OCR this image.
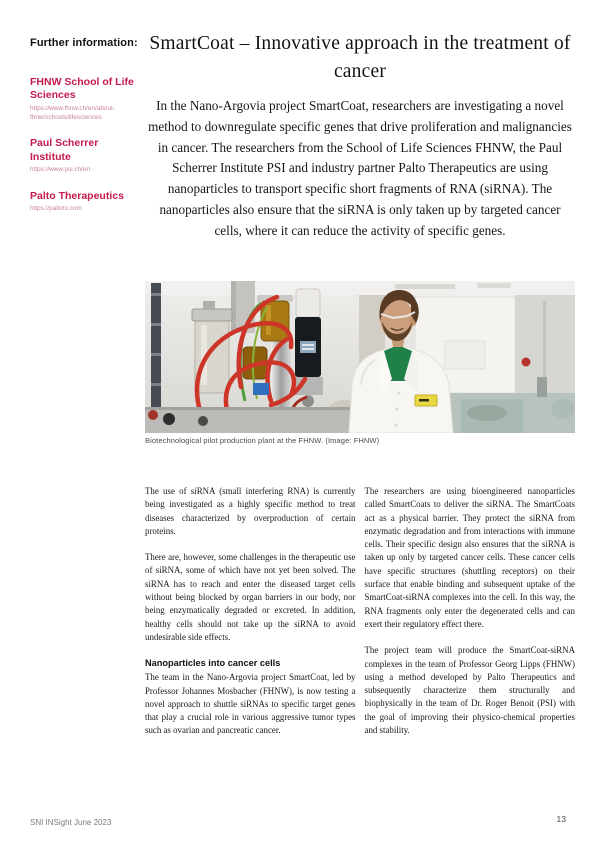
Further information:
FHNW School of Life Sciences
https://www.fhnw.ch/en/about-fhnw/schools/lifesciences
Paul Scherrer Institute
https://www.psi.ch/en
Palto Therapeutics
https://paltotx.com
SmartCoat – Innovative approach in the treatment of cancer

In the Nano-Argovia project SmartCoat, researchers are investigating a novel method to downregulate specific genes that drive proliferation and malignancies in cancer. The researchers from the School of Life Sciences FHNW, the Paul Scherrer Institute PSI and industry partner Palto Therapeutics are using nanoparticles to transport specific short fragments of RNA (siRNA). The nanoparticles also ensure that the siRNA is only taken up by targeted cancer cells, where it can reduce the activity of specific genes.

Biotechnological pilot production plant at the FHNW. (Image: FHNW)

The use of siRNA (small interfering RNA) is currently being investigated as a highly specific method to treat diseases characterized by overproduction of certain proteins.

There are, however, some challenges in the therapeutic use of siRNA, some of which have not yet been solved. The siRNA has to reach and enter the diseased target cells without being blocked by organ barriers in our body, nor being enzymatically degraded or excreted. In addition, healthy cells should not take up the siRNA to avoid undesirable side effects.

Nanoparticles into cancer cells

The team in the Nano-Argovia project SmartCoat, led by Professor Johannes Mosbacher (FHNW), is now testing a novel approach to shuttle siRNAs to specific target genes that play a crucial role in various aggressive tumor types such as ovarian and pancreatic cancer.

The researchers are using bioengineered nanoparticles called SmartCoats to deliver the siRNA. The SmartCoats act as a physical barrier. They protect the siRNA from enzymatic degradation and from interactions with immune cells. Their specific design also ensures that the siRNA is taken up only by targeted cancer cells. These cancer cells have specific structures (shuttling receptors) on their surface that enable binding and subsequent uptake of the SmartCoat-siRNA complexes into the cell. In this way, the RNA fragments only enter the degenerated cells and can exert their regulatory effect there.

The project team will produce the SmartCoat-siRNA complexes in the team of Professor Georg Lipps (FHNW) using a method developed by Palto Therapeutics and subsequently characterize them structurally and biophysically in the team of Dr. Roger Benoit (PSI) with the goal of improving their physico-chemical properties and stability.

SNI INSight June 2023	13
